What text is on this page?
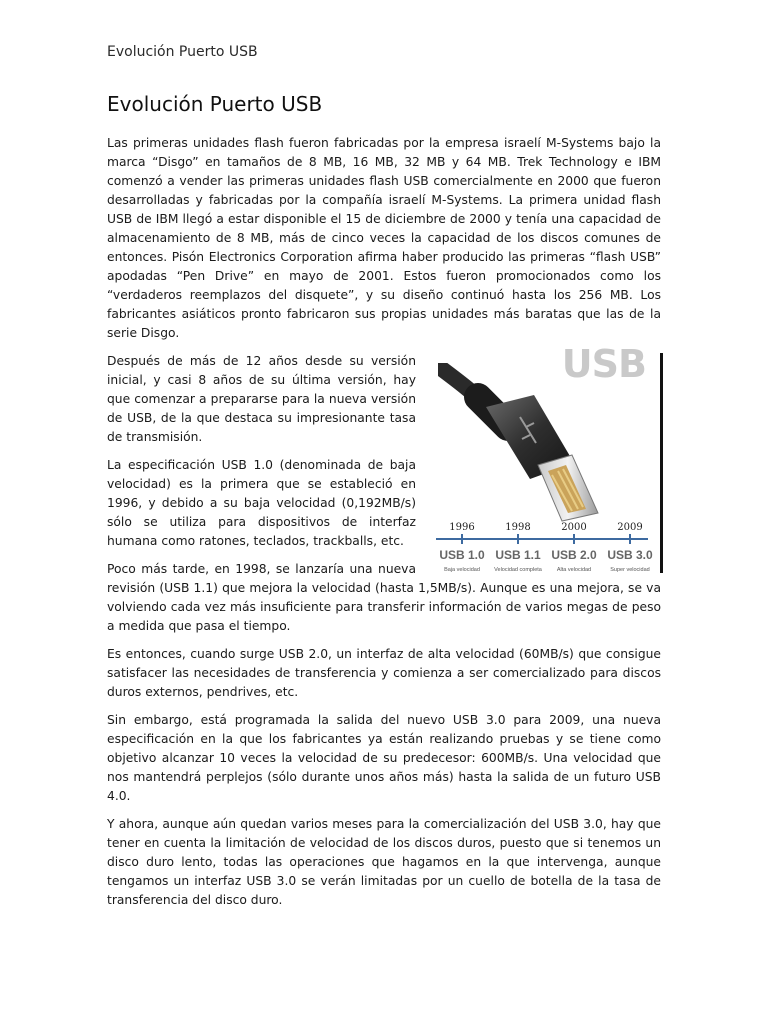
Evolución Puerto USB
Evolución Puerto USB

Las primeras unidades flash fueron fabricadas por la empresa israelí M-Systems bajo la marca “Disgo” en tamaños de 8 MB, 16 MB, 32 MB y 64 MB. Trek Technology e IBM comenzó a vender las primeras unidades flash USB comercialmente en 2000 que fueron desarrolladas y fabricadas por la compañía israelí M-Systems. La primera unidad flash USB de IBM llegó a estar disponible el 15 de diciembre de 2000 y tenía una capacidad de almacenamiento de 8 MB, más de cinco veces la capacidad de los discos comunes de entonces. Pisón Electronics Corporation afirma haber producido las primeras “flash USB” apodadas “Pen Drive” en mayo de 2001. Estos fueron promocionados como los “verdaderos reemplazos del disquete”, y su diseño continuó hasta los 256 MB. Los fabricantes asiáticos pronto fabricaron sus propias unidades más baratas que las de la serie Disgo.

USB
1996	1998	2000	2009
USB 1.0 USB 1.1 USB 2.0 USB 3.0
Baja velocidad	Velocidad completa	Alta velocidad	Super velocidad

Después de más de 12 años desde su versión inicial, y casi 8 años de su última versión, hay que comenzar a prepararse para la nueva versión de USB, de la que destaca su impresionante tasa de transmisión.

La especificación USB 1.0 (denominada de baja velocidad) es la primera que se estableció en 1996, y debido a su baja velocidad (0,192MB/s) sólo se utiliza para dispositivos de interfaz humana como ratones, teclados, trackballs, etc.

Poco más tarde, en 1998, se lanzaría una nueva revisión (USB 1.1) que mejora la velocidad (hasta 1,5MB/s). Aunque es una mejora, se va volviendo cada vez más insuficiente para transferir información de varios megas de peso a medida que pasa el tiempo.

Es entonces, cuando surge USB 2.0, un interfaz de alta velocidad (60MB/s) que consigue satisfacer las necesidades de transferencia y comienza a ser comercializado para discos duros externos, pendrives, etc.

Sin embargo, está programada la salida del nuevo USB 3.0 para 2009, una nueva especificación en la que los fabricantes ya están realizando pruebas y se tiene como objetivo alcanzar 10 veces la velocidad de su predecesor: 600MB/s. Una velocidad que nos mantendrá perplejos (sólo durante unos años más) hasta la salida de un futuro USB 4.0.

Y ahora, aunque aún quedan varios meses para la comercialización del USB 3.0, hay que tener en cuenta la limitación de velocidad de los discos duros, puesto que si tenemos un disco duro lento, todas las operaciones que hagamos en la que intervenga, aunque tengamos un interfaz USB 3.0 se verán limitadas por un cuello de botella de la tasa de transferencia del disco duro.
